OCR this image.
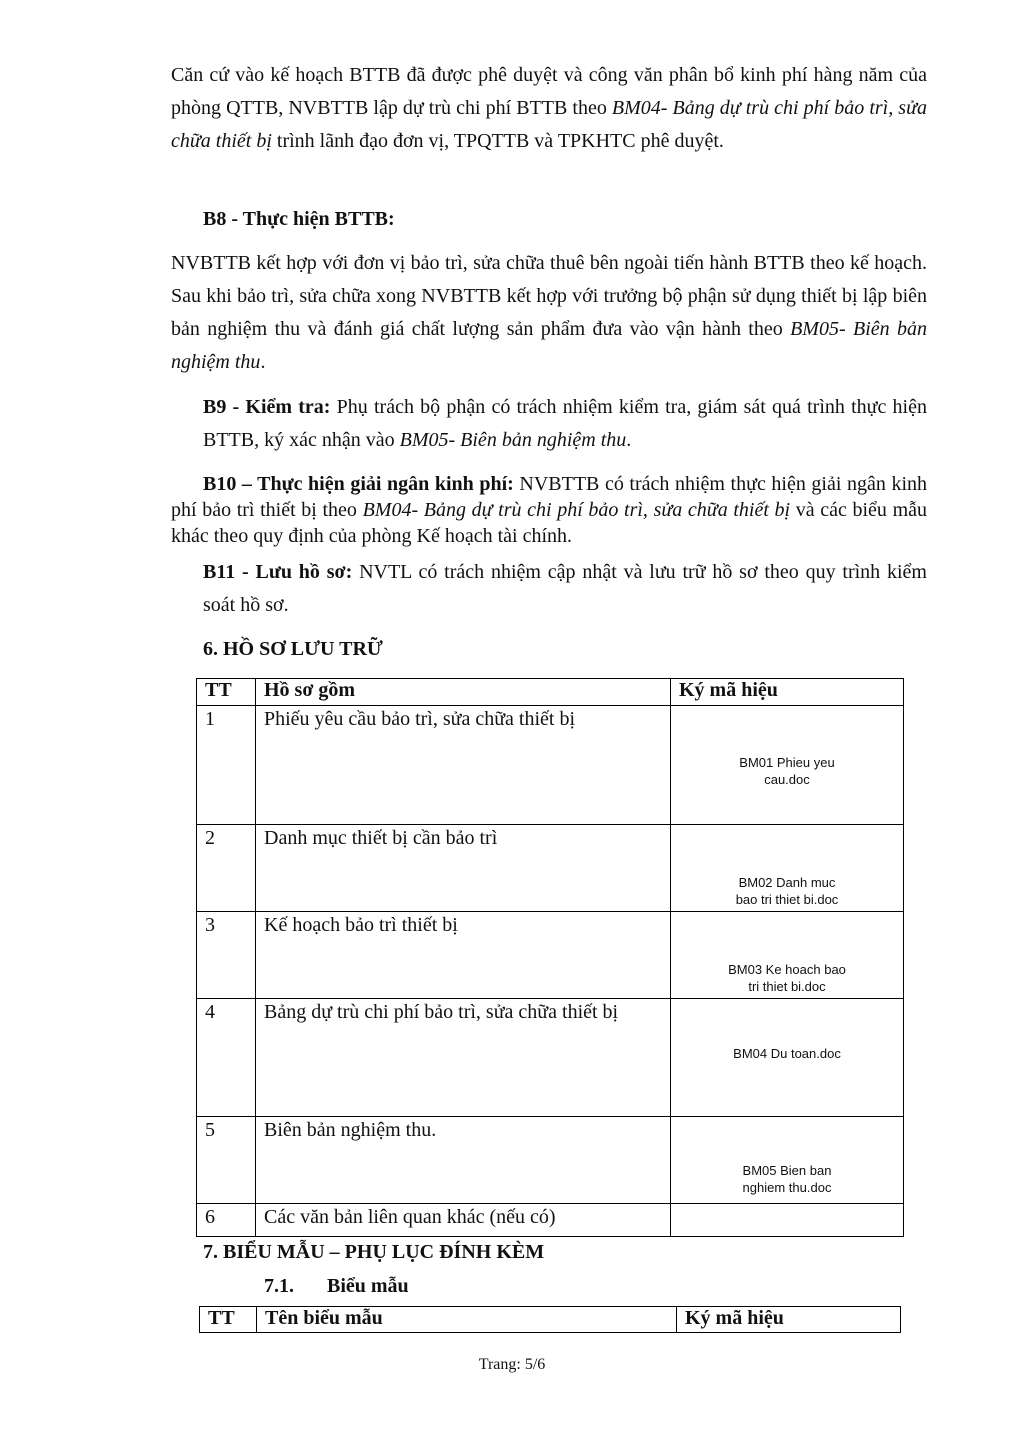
Căn cứ vào kế hoạch BTTB đã được phê duyệt và công văn phân bổ kinh phí hàng năm của phòng QTTB, NVBTTB lập dự trù chi phí BTTB theo BM04- Bảng dự trù chi phí bảo trì, sửa chữa thiết bị trình lãnh đạo đơn vị, TPQTTB và TPKHTC phê duyệt.

B8 - Thực hiện BTTB:

NVBTTB kết hợp với đơn vị bảo trì, sửa chữa thuê bên ngoài tiến hành BTTB theo kế hoạch. Sau khi bảo trì, sửa chữa xong NVBTTB kết hợp với trưởng bộ phận sử dụng thiết bị lập biên bản nghiệm thu và đánh giá chất lượng sản phẩm đưa vào vận hành theo BM05- Biên bản nghiệm thu.

B9 - Kiểm tra: Phụ trách bộ phận có trách nhiệm kiểm tra, giám sát quá trình thực hiện BTTB, ký xác nhận vào BM05- Biên bản nghiệm thu.

B10 – Thực hiện giải ngân kinh phí: NVBTTB có trách nhiệm thực hiện giải ngân kinh phí bảo trì thiết bị theo BM04- Bảng dự trù chi phí bảo trì, sửa chữa thiết bị và các biểu mẫu khác theo quy định của phòng Kế hoạch tài chính.

B11 - Lưu hồ sơ: NVTL có trách nhiệm cập nhật và lưu trữ hồ sơ theo quy trình kiểm soát hồ sơ.

6. HỒ SƠ LƯU TRỮ
TT	Hồ sơ gồm	Ký mã hiệu
1	Phiếu yêu cầu bảo trì, sửa chữa thiết bị	BM01 Phieu yeu
cau.doc

2	Danh mục thiết bị cần bảo trì	BM02 Danh muc
bao tri thiet bi.doc

3	Kế hoạch bảo trì thiết bị	BM03 Ke hoach bao
tri thiet bi.doc

4	Bảng dự trù chi phí bảo trì, sửa chữa thiết bị	BM04 Du toan.doc

5	Biên bản nghiệm thu.	BM05 Bien ban
nghiem thu.doc

6	Các văn bản liên quan khác (nếu có)	
7. BIỂU MẪU – PHỤ LỤC ĐÍNH KÈM
7.1. Biểu mẫu
TT	Tên biểu mẫu	Ký mã hiệu
Trang: 5/6
